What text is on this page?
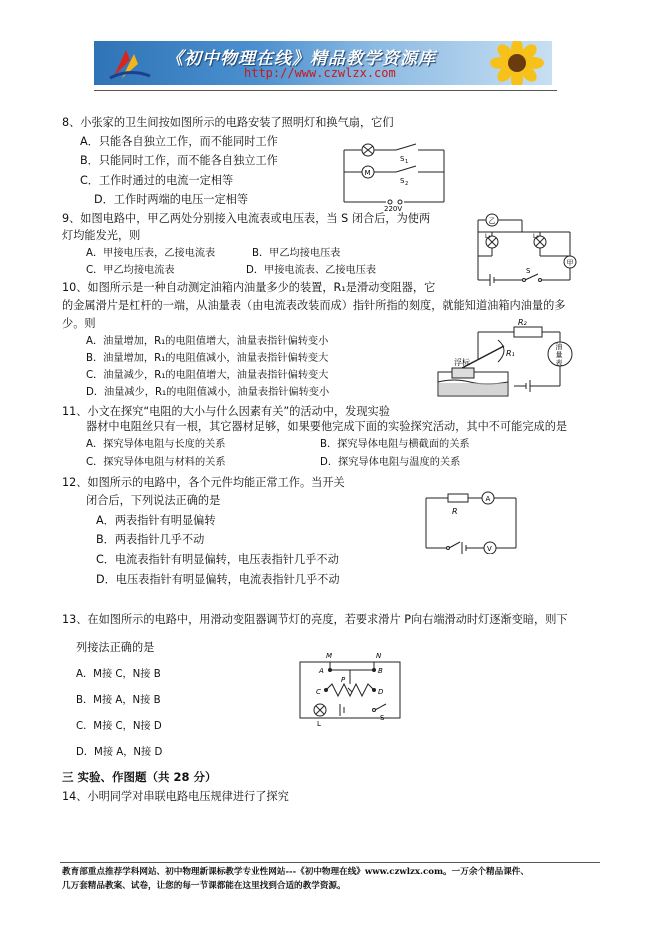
《初中物理在线》精品教学资源库
http://www.czwlzx.com
8、小张家的卫生间按如图所示的电路安装了照明灯和换气扇，它们
A．只能各自独立工作，而不能同时工作
B．只能同时工作，而不能各自独立工作
C．工作时通过的电流一定相等
D．工作时两端的电压一定相等
M
S 1
S 2
220V
9、如图电路中，甲乙两处分别接入电流表或电压表，当 S 闭合后，为使两
灯均能发光，则
A．甲接电压表，乙接电流表	B．甲乙均接电压表
C．甲乙均接电流表	D．甲接电流表、乙接电压表
乙
L₁	L₂
甲
S
10、如图所示是一种自动测定油箱内油量多少的装置，R₁是滑动变阻器，它
的金属滑片是杠杆的一端，从油量表（由电流表改装而成）指针所指的刻度，就能知道油箱内油量的多
少。则
A．油量增加，R₁的电阻值增大，油量表指针偏转变小
B．油量增加，R₁的电阻值减小，油量表指针偏转变大
C．油量减少，R₁的电阻值增大，油量表指针偏转变大
D．油量减少，R₁的电阻值减小，油量表指针偏转变小
R₂
R₁
浮标
油
量
表
11、小文在探究“电阻的大小与什么因素有关”的活动中，发现实验
器材中电阻丝只有一根，其它器材足够，如果要他完成下面的实验探究活动，其中不可能完成的是
A．探究导体电阻与长度的关系	B．探究导体电阻与横截面的关系
C．探究导体电阻与材料的关系	D．探究导体电阻与温度的关系
12、如图所示的电路中，各个元件均能正常工作。当开关
闭合后，下列说法正确的是
A．两表指针有明显偏转
B．两表指针几乎不动
C．电流表指针有明显偏转，电压表指针几乎不动
D．电压表指针有明显偏转，电流表指针几乎不动
R
A
V
13、在如图所示的电路中，用滑动变阻器调节灯的亮度，若要求滑片 P向右端滑动时灯逐渐变暗，则下
列接法正确的是
A．M接 C，N接 B
B．M接 A，N接 B
C．M接 C，N接 D
D．M接 A，N接 D
M	N
A	B
C	D
P
L
S
三 实验、作图题（共 28 分）
14、小明同学对串联电路电压规律进行了探究
教育部重点推荐学科网站、初中物理新课标教学专业性网站---《初中物理在线》www.czwlzx.com。一万余个精品课件、
几万套精品教案、试卷，让您的每一节课都能在这里找到合适的教学资源。
